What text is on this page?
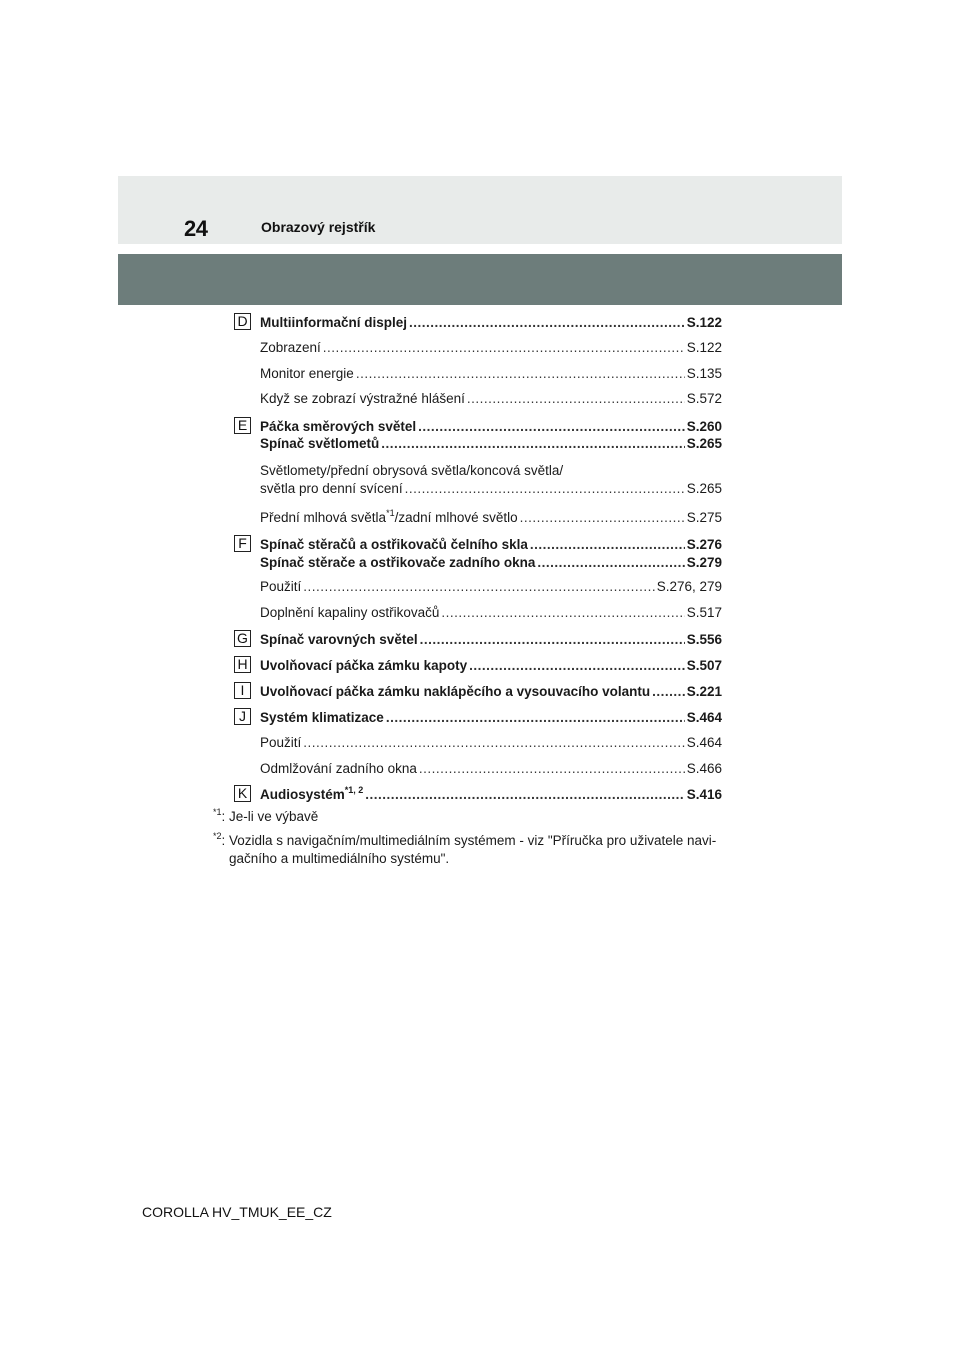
24	Obrazový rejstřík
D Multiinformační displej .....	S.122
Zobrazení .....	S.122
Monitor energie .....	S.135
Když se zobrazí výstražné hlášení .....	S.572
E Páčka směrových světel .....	S.260
Spínač světlometů .....	S.265
Světlomety/přední obrysová světla/koncová světla/
světla pro denní svícení .....	S.265
Přední mlhová světla$^{*1}$/zadní mlhové světlo .....	S.275
F Spínač stěračů a ostřikovačů čelního skla .....	S.276
Spínač stěrače a ostřikovače zadního okna .....	S.279
Použití .....	S.276, 279
Doplnění kapaliny ostřikovačů .....	S.517
G Spínač varovných světel .....	S.556
H Uvolňovací páčka zámku kapoty .....	S.507
I	Uvolňovací páčka zámku naklápěcího a vysouvacího volantu .....	S.221
J	Systém klimatizace .....	S.464
Použití .....	S.464
Odmlžování zadního okna .....	S.466
K Audiosystém$^{*1, 2}$ .....	S.416
$^{*1}$: Je-li ve výbavě
$^{*2}$: Vozidla s navigačním/multimediálním systémem - viz "Příručka pro uživatele navi-
gačního a multimediálního systému".
COROLLA HV_TMUK_EE_CZ
